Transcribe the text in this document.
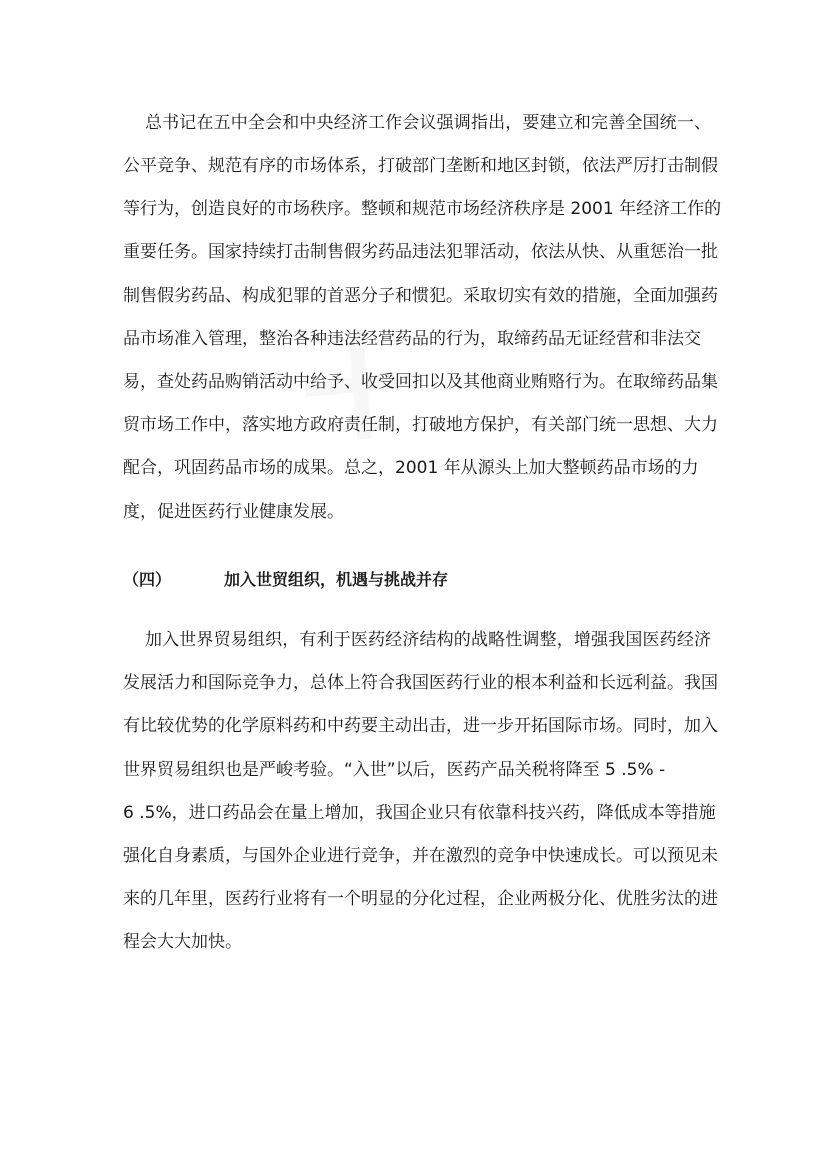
总书记在五中全会和中央经济工作会议强调指出，要建立和完善全国统一、
公平竞争、规范有序的市场体系，打破部门垄断和地区封锁，依法严厉打击制假
等行为，创造良好的市场秩序。整顿和规范市场经济秩序是 2001 年经济工作的
重要任务。国家持续打击制售假劣药品违法犯罪活动，依法从快、从重惩治一批
制售假劣药品、构成犯罪的首恶分子和惯犯。采取切实有效的措施，全面加强药
品市场准入管理，整治各种违法经营药品的行为，取缔药品无证经营和非法交
易，查处药品购销活动中给予、收受回扣以及其他商业贿赂行为。在取缔药品集
贸市场工作中，落实地方政府责任制，打破地方保护，有关部门统一思想、大力
配合，巩固药品市场的成果。总之，2001 年从源头上加大整顿药品市场的力
度，促进医药行业健康发展。
（四）	加入世贸组织，机遇与挑战并存
加入世界贸易组织，有利于医药经济结构的战略性调整，增强我国医药经济
发展活力和国际竞争力，总体上符合我国医药行业的根本利益和长远利益。我国
有比较优势的化学原料药和中药要主动出击，进一步开拓国际市场。同时，加入
世界贸易组织也是严峻考验。“入世”以后，医药产品关税将降至 5 .5% -
6 .5%，进口药品会在量上增加，我国企业只有依靠科技兴药，降低成本等措施
强化自身素质，与国外企业进行竞争，并在激烈的竞争中快速成长。可以预见未
来的几年里，医药行业将有一个明显的分化过程，企业两极分化、优胜劣汰的进
程会大大加快。
